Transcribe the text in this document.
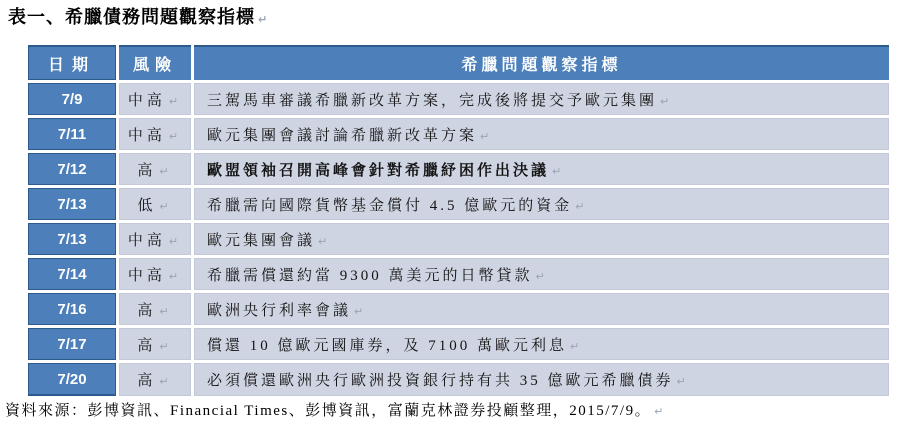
表一、希臘債務問題觀察指標 ↵
日期	風險	希臘問題觀察指標
7/9	中高 ↵	三駕馬車審議希臘新改革方案，完成後將提交予歐元集團 ↵
7/11	中高 ↵	歐元集團會議討論希臘新改革方案 ↵
7/12	高 ↵	歐盟領袖召開高峰會針對希臘紓困作出決議 ↵
7/13	低 ↵	希臘需向國際貨幣基金償付 4.5 億歐元的資金 ↵
7/13	中高 ↵	歐元集團會議 ↵
7/14	中高 ↵	希臘需償還約當 9300 萬美元的日幣貸款 ↵
7/16	高 ↵	歐洲央行利率會議 ↵
7/17	高 ↵	償還 10 億歐元國庫券，及 7100 萬歐元利息 ↵
7/20	高 ↵	必須償還歐洲央行歐洲投資銀行持有共 35 億歐元希臘債券 ↵
資料來源：彭博資訊、Financial Times、彭博資訊，富蘭克林證券投顧整理，2015/7/9。 ↵
